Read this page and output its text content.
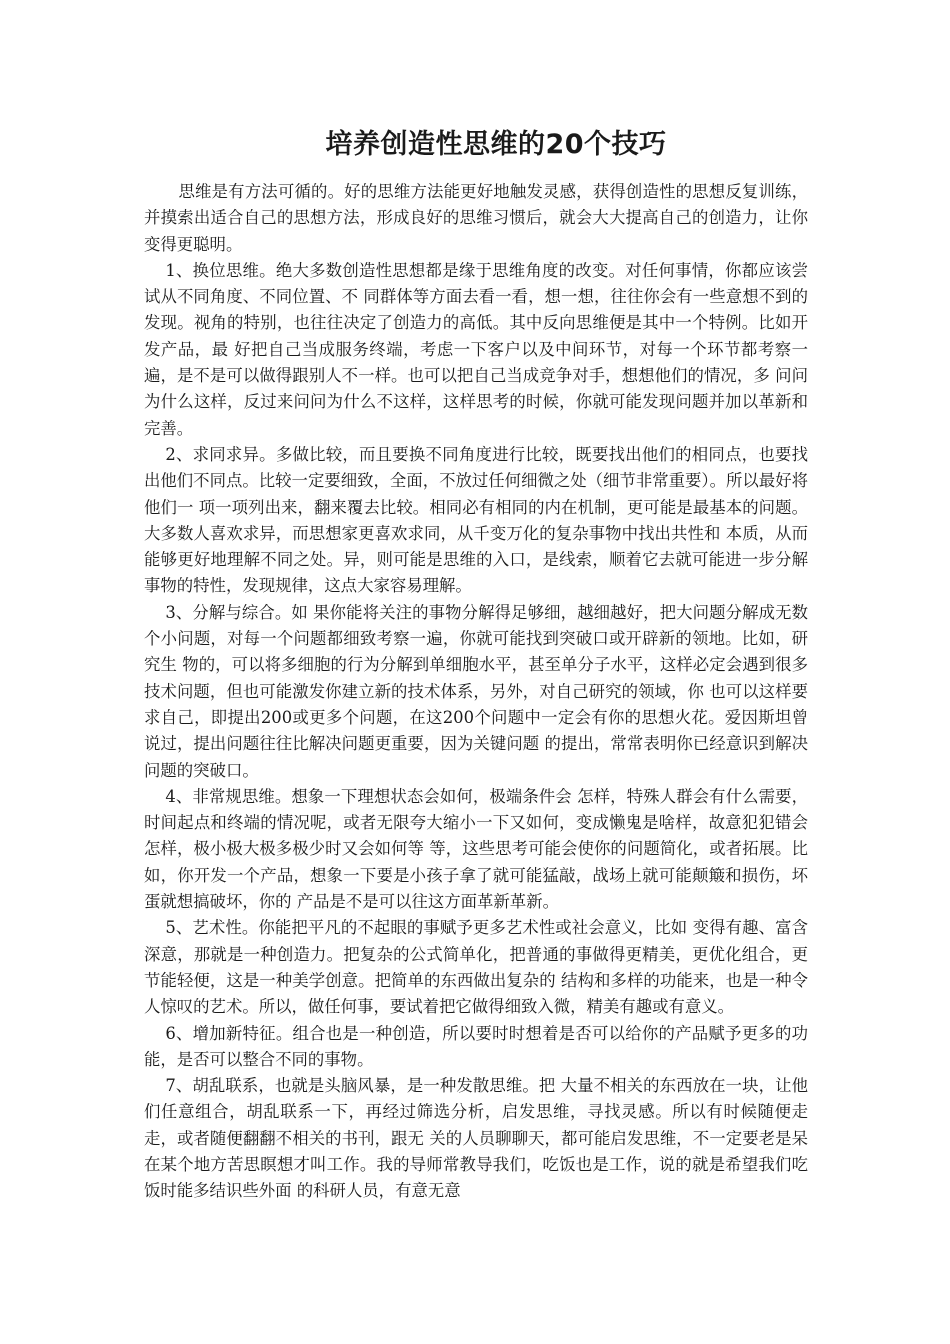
培养创造性思维的20个技巧

思维是有方法可循的。好的思维方法能更好地触发灵感，获得创造性的思想反复训练，并摸索出适合自己的思想方法，形成良好的思维习惯后，就会大大提高自己的创造力，让你变得更聪明。

1、换位思维。绝大多数创造性思想都是缘于思维角度的改变。对任何事情，你都应该尝试从不同角度、不同位置、不 同群体等方面去看一看，想一想，往往你会有一些意想不到的发现。视角的特别，也往往决定了创造力的高低。其中反向思维便是其中一个特例。比如开发产品，最 好把自己当成服务终端，考虑一下客户以及中间环节，对每一个环节都考察一遍，是不是可以做得跟别人不一样。也可以把自己当成竞争对手，想想他们的情况，多 问问为什么这样，反过来问问为什么不这样，这样思考的时候，你就可能发现问题并加以革新和完善。

2、求同求异。多做比较，而且要换不同角度进行比较，既要找出他们的相同点，也要找出他们不同点。比较一定要细致，全面，不放过任何细微之处（细节非常重要）。所以最好将他们一 项一项列出来，翻来覆去比较。相同必有相同的内在机制，更可能是最基本的问题。大多数人喜欢求异，而思想家更喜欢求同，从千变万化的复杂事物中找出共性和 本质，从而能够更好地理解不同之处。异，则可能是思维的入口，是线索，顺着它去就可能进一步分解事物的特性，发现规律，这点大家容易理解。

3、分解与综合。如 果你能将关注的事物分解得足够细，越细越好，把大问题分解成无数个小问题，对每一个问题都细致考察一遍，你就可能找到突破口或开辟新的领地。比如，研究生 物的，可以将多细胞的行为分解到单细胞水平，甚至单分子水平，这样必定会遇到很多技术问题，但也可能激发你建立新的技术体系，另外，对自己研究的领域，你 也可以这样要求自己，即提出200或更多个问题，在这200个问题中一定会有你的思想火花。爱因斯坦曾说过，提出问题往往比解决问题更重要，因为关键问题 的提出，常常表明你已经意识到解决问题的突破口。

4、非常规思维。想象一下理想状态会如何，极端条件会 怎样，特殊人群会有什么需要，时间起点和终端的情况呢，或者无限夸大缩小一下又如何，变成懒鬼是啥样，故意犯犯错会怎样，极小极大极多极少时又会如何等 等，这些思考可能会使你的问题简化，或者拓展。比如，你开发一个产品，想象一下要是小孩子拿了就可能猛敲，战场上就可能颠簸和损伤，坏蛋就想搞破坏，你的 产品是不是可以往这方面革新革新。

5、艺术性。你能把平凡的不起眼的事赋予更多艺术性或社会意义，比如 变得有趣、富含深意，那就是一种创造力。把复杂的公式简单化，把普通的事做得更精美，更优化组合，更节能轻便，这是一种美学创意。把简单的东西做出复杂的 结构和多样的功能来，也是一种令人惊叹的艺术。所以，做任何事，要试着把它做得细致入微，精美有趣或有意义。

6、增加新特征。组合也是一种创造，所以要时时想着是否可以给你的产品赋予更多的功能，是否可以整合不同的事物。

7、胡乱联系，也就是头脑风暴，是一种发散思维。把 大量不相关的东西放在一块，让他们任意组合，胡乱联系一下，再经过筛选分析，启发思维，寻找灵感。所以有时候随便走走，或者随便翻翻不相关的书刊，跟无 关的人员聊聊天，都可能启发思维，不一定要老是呆在某个地方苦思瞑想才叫工作。我的导师常教导我们，吃饭也是工作，说的就是希望我们吃饭时能多结识些外面 的科研人员，有意无意
